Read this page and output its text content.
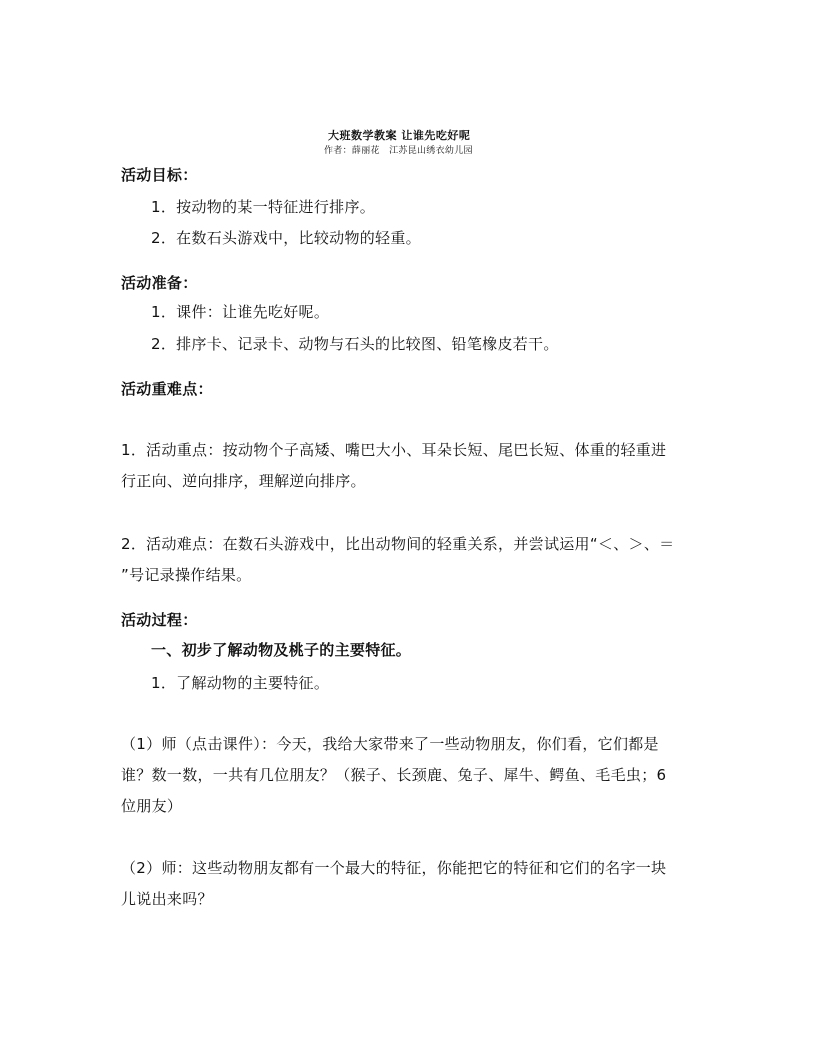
大班数学教案 让谁先吃好呢
作者：薛丽花　江苏昆山绣衣幼儿园
活动目标：
1．按动物的某一特征进行排序。
2．在数石头游戏中，比较动物的轻重。
活动准备：
1．课件：让谁先吃好呢。
2．排序卡、记录卡、动物与石头的比较图、铅笔橡皮若干。
活动重难点：
1．活动重点：按动物个子高矮、嘴巴大小、耳朵长短、尾巴长短、体重的轻重进
行正向、逆向排序，理解逆向排序。
2．活动难点：在数石头游戏中，比出动物间的轻重关系，并尝试运用“＜、＞、＝
”号记录操作结果。
活动过程：
一、初步了解动物及桃子的主要特征。
1．了解动物的主要特征。
（1）师（点击课件）：今天，我给大家带来了一些动物朋友，你们看，它们都是
谁？数一数，一共有几位朋友？（猴子、长颈鹿、兔子、犀牛、鳄鱼、毛毛虫；6
位朋友）
（2）师：这些动物朋友都有一个最大的特征，你能把它的特征和它们的名字一块
儿说出来吗？
